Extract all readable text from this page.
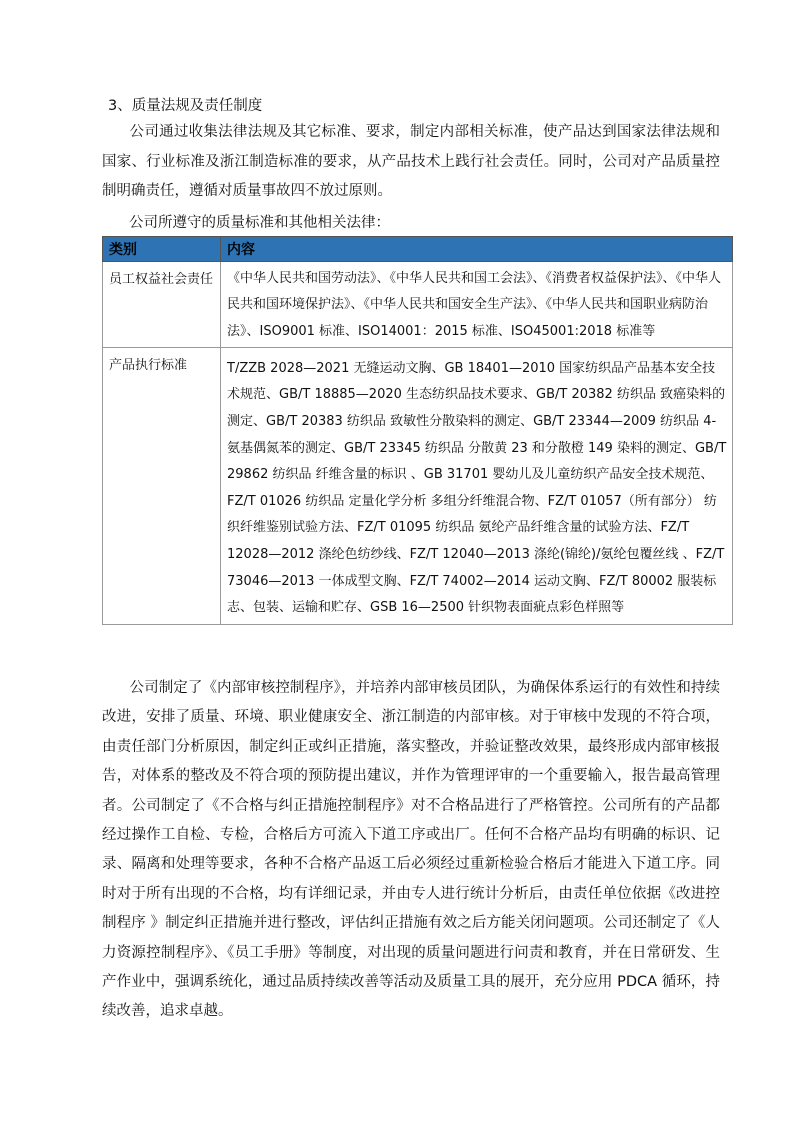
3、质量法规及责任制度

公司通过收集法律法规及其它标准、要求，制定内部相关标准，使产品达到国家法律法规和国家、行业标准及浙江制造标准的要求，从产品技术上践行社会责任。同时，公司对产品质量控制明确责任，遵循对质量事故四不放过原则。

公司所遵守的质量标准和其他相关法律：
类别	内容
员工权益社会责任	《中华人民共和国劳动法》、《中华人民共和国工会法》、《消费者权益保护法》、《中华人民共和国环境保护法》、《中华人民共和国安全生产法》、《中华人民共和国职业病防治法》、ISO9001 标准、ISO14001：2015 标准、ISO45001:2018 标准等
产品执行标准	T/ZZB 2028—2021 无缝运动文胸、GB 18401—2010 国家纺织品产品基本安全技术规范、GB/T 18885—2020 生态纺织品技术要求、GB/T 20382 纺织品 致癌染料的测定、GB/T 20383 纺织品 致敏性分散染料的测定、GB/T 23344—2009 纺织品 4-氨基偶氮苯的测定、GB/T 23345 纺织品 分散黄 23 和分散橙 149 染料的测定、GB/T 29862 纺织品 纤维含量的标识 、GB 31701 婴幼儿及儿童纺织产品安全技术规范、FZ/T 01026 纺织品 定量化学分析 多组分纤维混合物、FZ/T 01057（所有部分） 纺织纤维鉴别试验方法、FZ/T 01095 纺织品 氨纶产品纤维含量的试验方法、FZ/T 12028—2012 涤纶色纺纱线、FZ/T 12040—2013 涤纶(锦纶)/氨纶包覆丝线 、FZ/T 73046—2013 一体成型文胸、FZ/T 74002—2014 运动文胸、FZ/T 80002 服装标志、包装、运输和贮存、GSB 16—2500 针织物表面疵点彩色样照等

公司制定了《内部审核控制程序》，并培养内部审核员团队，为确保体系运行的有效性和持续改进，安排了质量、环境、职业健康安全、浙江制造的内部审核。对于审核中发现的不符合项，由责任部门分析原因，制定纠正或纠正措施，落实整改，并验证整改效果，最终形成内部审核报告，对体系的整改及不符合项的预防提出建议，并作为管理评审的一个重要输入，报告最高管理者。公司制定了《不合格与纠正措施控制程序》对不合格品进行了严格管控。公司所有的产品都经过操作工自检、专检，合格后方可流入下道工序或出厂。任何不合格产品均有明确的标识、记录、隔离和处理等要求，各种不合格产品返工后必须经过重新检验合格后才能进入下道工序。同时对于所有出现的不合格，均有详细记录，并由专人进行统计分析后，由责任单位依据《改进控制程序 》制定纠正措施并进行整改，评估纠正措施有效之后方能关闭问题项。公司还制定了《人力资源控制程序》、《员工手册》等制度，对出现的质量问题进行问责和教育，并在日常研发、生产作业中，强调系统化，通过品质持续改善等活动及质量工具的展开，充分应用 PDCA 循环，持续改善，追求卓越。
